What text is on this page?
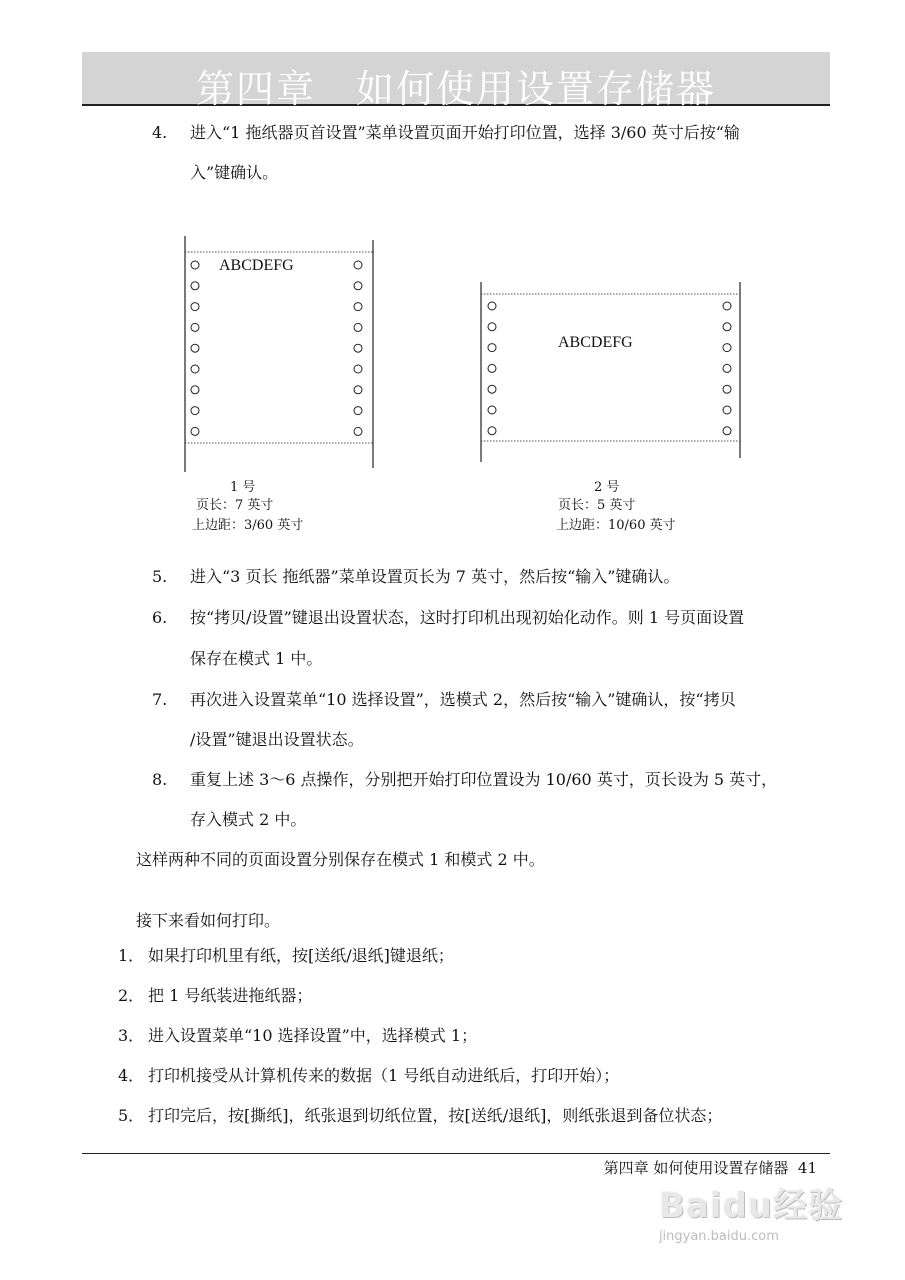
第四章　如何使用设置存储器
4. 进入“1 拖纸器页首设置”菜单设置页面开始打印位置，选择 3/60 英寸后按“输
入”键确认。
ABCDEFG
ABCDEFG
1 号
页长：7 英寸
上边距：3/60 英寸
2 号
页长：5 英寸
上边距：10/60 英寸
5. 进入“3 页长 拖纸器”菜单设置页长为 7 英寸，然后按“输入”键确认。
6. 按“拷贝/设置”键退出设置状态，这时打印机出现初始化动作。则 1 号页面设置
保存在模式 1 中。
7. 再次进入设置菜单“10 选择设置”，选模式 2，然后按“输入”键确认，按“拷贝
/设置”键退出设置状态。
8. 重复上述 3～6 点操作，分别把开始打印位置设为 10/60 英寸，页长设为 5 英寸，
存入模式 2 中。
这样两种不同的页面设置分别保存在模式 1 和模式 2 中。
接下来看如何打印。
1． 如果打印机里有纸，按[送纸/退纸]键退纸；
2． 把 1 号纸装进拖纸器；
3． 进入设置菜单“10 选择设置”中，选择模式 1；
4． 打印机接受从计算机传来的数据（1 号纸自动进纸后，打印开始）；
5． 打印完后，按[撕纸]，纸张退到切纸位置，按[送纸/退纸]，则纸张退到备位状态；
第四章 如何使用设置存储器 41
Baidu经验
jingyan.baidu.com
